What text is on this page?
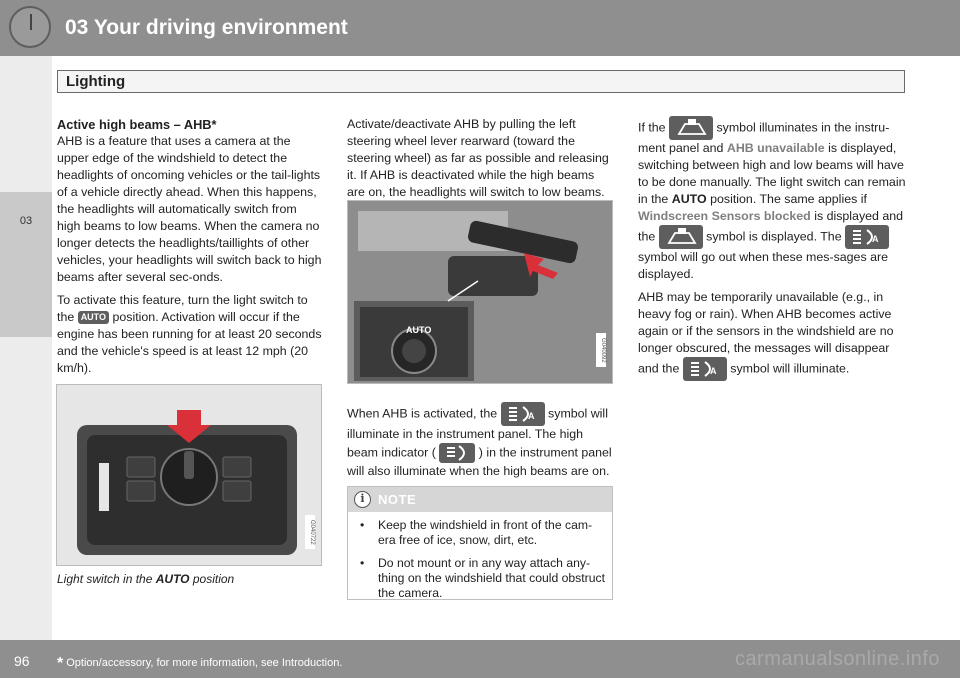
03 Your driving environment
Lighting
03
Active high beams – AHB*

AHB is a feature that uses a camera at the upper edge of the windshield to detect the headlights of oncoming vehicles or the tail-lights of a vehicle directly ahead. When this happens, the headlights will automatically switch from high beams to low beams. When the camera no longer detects the headlights/taillights of other vehicles, your headlights will switch back to high beams after several sec-onds.

To activate this feature, turn the light switch to the AUTO position. Activation will occur if the engine has been running for at least 20 seconds and the vehicle's speed is at least 12 mph (20 km/h).

G040722
Light switch in the AUTO position

Activate/deactivate AHB by pulling the left steering wheel lever rearward (toward the steering wheel) as far as possible and releasing it. If AHB is deactivated while the high beams are on, the headlights will switch to low beams.

AUTO
G040092

When AHB is activated, the	A symbol will illuminate in the instrument panel. The high beam indicator (	) in the instrument panel will also illuminate when the high beams are on.

i	NOTE
• Keep the windshield in front of the cam-era free of ice, snow, dirt, etc.
• Do not mount or in any way attach any-thing on the windshield that could obstruct the camera.

If the	symbol illuminates in the instru-ment panel and AHB unavailable is displayed, switching between high and low beams will have to be done manually. The light switch can remain in the AUTO position. The same applies if Windscreen Sensors blocked is displayed and the	symbol is displayed. The	A
symbol will go out when these mes-sages are displayed.

AHB may be temporarily unavailable (e.g., in heavy fog or rain). When AHB becomes active again or if the sensors in the windshield are no longer obscured, the messages will disappear and the	A symbol will illuminate.

96 * Option/accessory, for more information, see Introduction.	carmanualsonline.info
